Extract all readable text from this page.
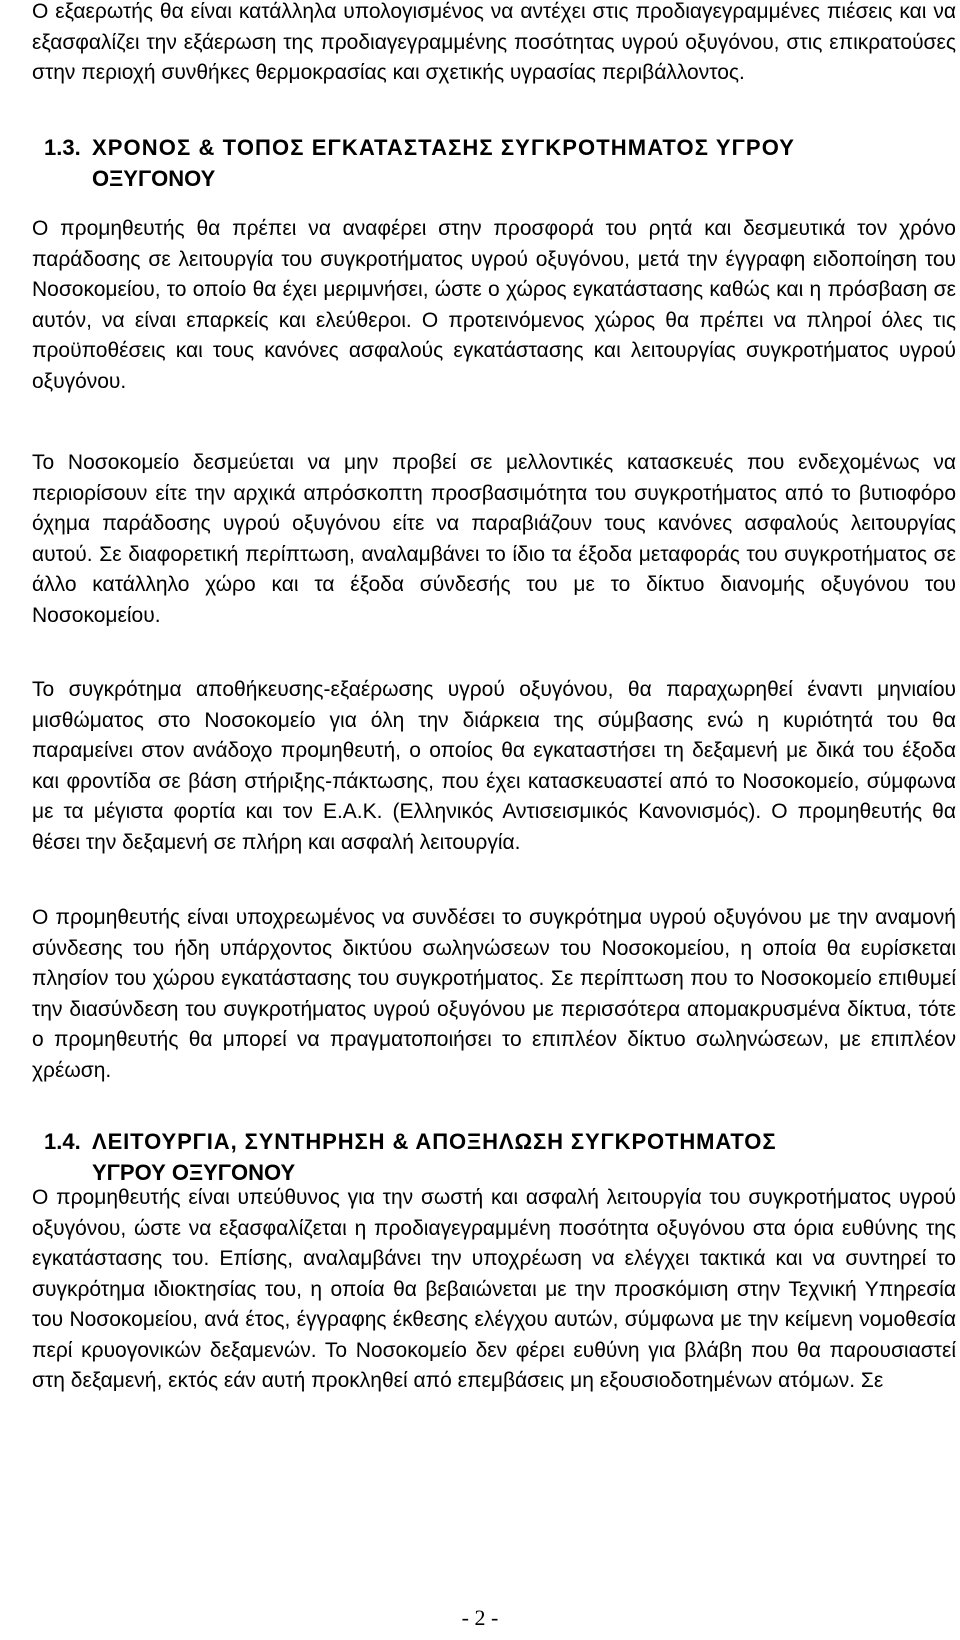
Ο εξαερωτής θα είναι κατάλληλα υπολογισμένος να αντέχει στις προδιαγεγραμμένες πιέσεις και να εξασφαλίζει την εξάερωση της προδιαγεγραμμένης ποσότητας υγρού οξυγόνου, στις επικρατούσες στην περιοχή συνθήκες θερμοκρασίας και σχετικής υγρασίας περιβάλλοντος.
1.3. ΧΡΟΝΟΣ & ΤΟΠΟΣ ΕΓΚΑΤΑΣΤΑΣΗΣ ΣΥΓΚΡΟΤΗΜΑΤΟΣ ΥΓΡΟΥ
ΟΞΥΓΟΝΟΥ
Ο προμηθευτής θα πρέπει να αναφέρει στην προσφορά του ρητά και δεσμευτικά τον χρόνο παράδοσης σε λειτουργία του συγκροτήματος υγρού οξυγόνου, μετά την έγγραφη ειδοποίηση του Νοσοκομείου, το οποίο θα έχει μεριμνήσει, ώστε ο χώρος εγκατάστασης καθώς και η πρόσβαση σε αυτόν, να είναι επαρκείς και ελεύθεροι. Ο προτεινόμενος χώρος θα πρέπει να πληροί όλες τις προϋποθέσεις και τους κανόνες ασφαλούς εγκατάστασης και λειτουργίας συγκροτήματος υγρού οξυγόνου.
Το Νοσοκομείο δεσμεύεται να μην προβεί σε μελλοντικές κατασκευές που ενδεχομένως να περιορίσουν είτε την αρχικά απρόσκοπτη προσβασιμότητα του συγκροτήματος από το βυτιοφόρο όχημα παράδοσης υγρού οξυγόνου είτε να παραβιάζουν τους κανόνες ασφαλούς λειτουργίας αυτού. Σε διαφορετική περίπτωση, αναλαμβάνει το ίδιο τα έξοδα μεταφοράς του συγκροτήματος σε άλλο κατάλληλο χώρο και τα έξοδα σύνδεσής του με το δίκτυο διανομής οξυγόνου του Νοσοκομείου.
Το συγκρότημα αποθήκευσης-εξαέρωσης υγρού οξυγόνου, θα παραχωρηθεί έναντι μηνιαίου μισθώματος στο Νοσοκομείο για όλη την διάρκεια της σύμβασης ενώ η κυριότητά του θα παραμείνει στον ανάδοχο προμηθευτή, ο οποίος θα εγκαταστήσει τη δεξαμενή με δικά του έξοδα και φροντίδα σε βάση στήριξης-πάκτωσης, που έχει κατασκευαστεί από το Νοσοκομείο, σύμφωνα με τα μέγιστα φορτία και τον Ε.Α.Κ. (Ελληνικός Αντισεισμικός Κανονισμός). Ο προμηθευτής θα θέσει την δεξαμενή σε πλήρη και ασφαλή λειτουργία.
Ο προμηθευτής είναι υποχρεωμένος να συνδέσει το συγκρότημα υγρού οξυγόνου με την αναμονή σύνδεσης του ήδη υπάρχοντος δικτύου σωληνώσεων του Νοσοκομείου, η οποία θα ευρίσκεται πλησίον του χώρου εγκατάστασης του συγκροτήματος. Σε περίπτωση που το Νοσοκομείο επιθυμεί την διασύνδεση του συγκροτήματος υγρού οξυγόνου με περισσότερα απομακρυσμένα δίκτυα, τότε ο προμηθευτής θα μπορεί να πραγματοποιήσει το επιπλέον δίκτυο σωληνώσεων, με επιπλέον χρέωση.
1.4. ΛΕΙΤΟΥΡΓΙΑ, ΣΥΝΤΗΡΗΣΗ & ΑΠΟΞΗΛΩΣΗ ΣΥΓΚΡΟΤΗΜΑΤΟΣ
ΥΓΡΟΥ ΟΞΥΓΟΝΟΥ
Ο προμηθευτής είναι υπεύθυνος για την σωστή και ασφαλή λειτουργία του συγκροτήματος υγρού οξυγόνου, ώστε να εξασφαλίζεται η προδιαγεγραμμένη ποσότητα οξυγόνου στα όρια ευθύνης της εγκατάστασης του. Επίσης, αναλαμβάνει την υποχρέωση να ελέγχει τακτικά και να συντηρεί το συγκρότημα ιδιοκτησίας του, η οποία θα βεβαιώνεται με την προσκόμιση στην Τεχνική Υπηρεσία του Νοσοκομείου, ανά έτος, έγγραφης έκθεσης ελέγχου αυτών, σύμφωνα με την κείμενη νομοθεσία περί κρυογονικών δεξαμενών. Το Νοσοκομείο δεν φέρει ευθύνη για βλάβη που θα παρουσιαστεί στη δεξαμενή, εκτός εάν αυτή προκληθεί από επεμβάσεις μη εξουσιοδοτημένων ατόμων. Σε
- 2 -
